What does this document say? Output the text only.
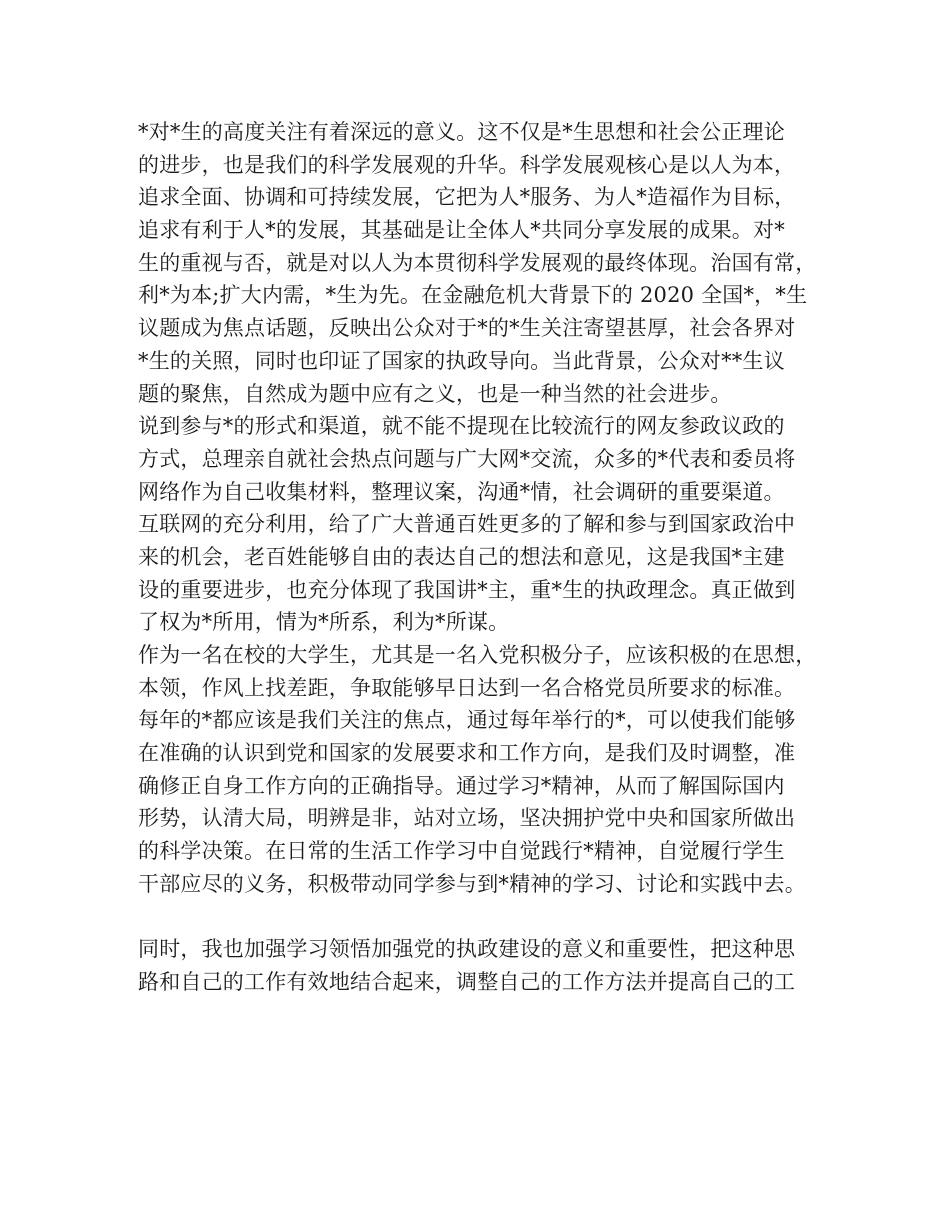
*对*生的高度关注有着深远的意义。这不仅是*生思想和社会公正理论
的进步，也是我们的科学发展观的升华。科学发展观核心是以人为本，
追求全面、协调和可持续发展，它把为人*服务、为人*造福作为目标，
追求有利于人*的发展，其基础是让全体人*共同分享发展的成果。对*
生的重视与否，就是对以人为本贯彻科学发展观的最终体现。治国有常，
利*为本;扩大内需，*生为先。在金融危机大背景下的 2020 全国*，*生
议题成为焦点话题，反映出公众对于*的*生关注寄望甚厚，社会各界对
*生的关照，同时也印证了国家的执政导向。当此背景，公众对**生议
题的聚焦，自然成为题中应有之义，也是一种当然的社会进步。
说到参与*的形式和渠道，就不能不提现在比较流行的网友参政议政的
方式，总理亲自就社会热点问题与广大网*交流，众多的*代表和委员将
网络作为自己收集材料，整理议案，沟通*情，社会调研的重要渠道。
互联网的充分利用，给了广大普通百姓更多的了解和参与到国家政治中
来的机会，老百姓能够自由的表达自己的想法和意见，这是我国*主建
设的重要进步，也充分体现了我国讲*主，重*生的执政理念。真正做到
了权为*所用，情为*所系，利为*所谋。
作为一名在校的大学生，尤其是一名入党积极分子，应该积极的在思想，
本领，作风上找差距，争取能够早日达到一名合格党员所要求的标准。
每年的*都应该是我们关注的焦点，通过每年举行的*，可以使我们能够
在准确的认识到党和国家的发展要求和工作方向，是我们及时调整，准
确修正自身工作方向的正确指导。通过学习*精神，从而了解国际国内
形势，认清大局，明辨是非，站对立场，坚决拥护党中央和国家所做出
的科学决策。在日常的生活工作学习中自觉践行*精神，自觉履行学生
干部应尽的义务，积极带动同学参与到*精神的学习、讨论和实践中去。
同时，我也加强学习领悟加强党的执政建设的意义和重要性，把这种思
路和自己的工作有效地结合起来，调整自己的工作方法并提高自己的工
